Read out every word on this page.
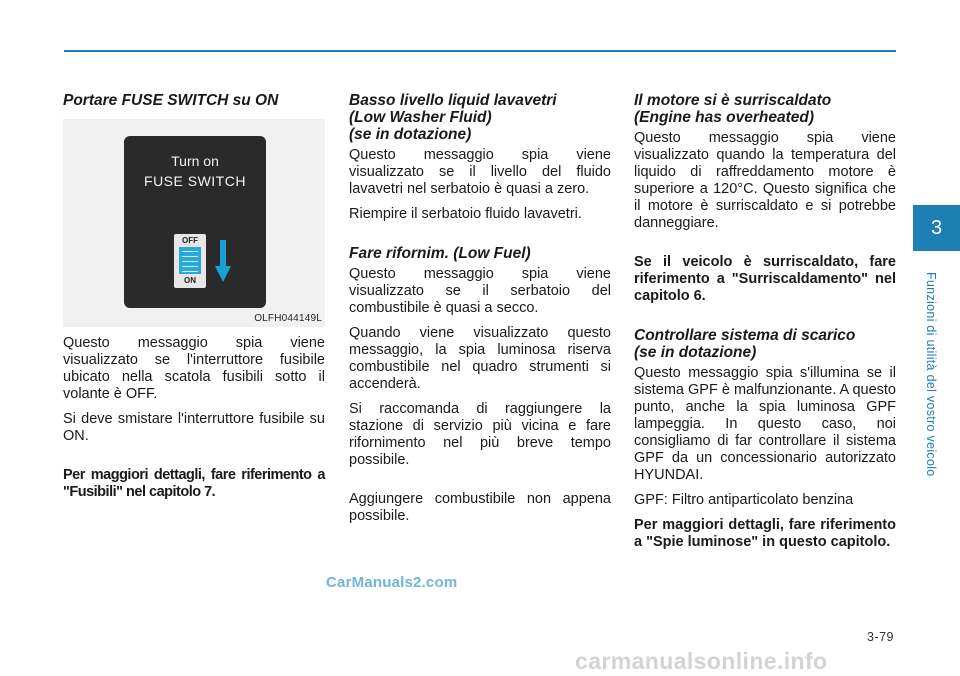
Portare FUSE SWITCH su ON
Turn on
FUSE SWITCH
OFF
ON
OLFH044149L

Questo messaggio spia viene visualizzato se l'interruttore fusibile ubicato nella scatola fusibili sotto il volante è OFF.

Si deve smistare l'interruttore fusibile su ON.

Per maggiori dettagli, fare riferimento a "Fusibili" nel capitolo 7.

Basso livello liquid lavavetri
(Low Washer Fluid)
(se in dotazione)

Questo messaggio spia viene visualizzato se il livello del fluido lavavetri nel serbatoio è quasi a zero.

Riempire il serbatoio fluido lavavetri.

Fare rifornim. (Low Fuel)

Questo messaggio spia viene visualizzato se il serbatoio del combustibile è quasi a secco.

Quando viene visualizzato questo messaggio, la spia luminosa riserva combustibile nel quadro strumenti si accenderà.

Si raccomanda di raggiungere la stazione di servizio più vicina e fare rifornimento nel più breve tempo possibile.

Aggiungere combustibile non appena possibile.

Il motore si è surriscaldato
(Engine has overheated)

Questo messaggio spia viene visualizzato quando la temperatura del liquido di raffreddamento motore è superiore a 120°C. Questo significa che il motore è surriscaldato e si potrebbe danneggiare.

Se il veicolo è surriscaldato, fare riferimento a "Surriscaldamento" nel capitolo 6.

Controllare sistema di scarico
(se in dotazione)

Questo messaggio spia s'illumina se il sistema GPF è malfunzionante. A questo punto, anche la spia luminosa GPF lampeggia. In questo caso, noi consigliamo di far controllare il sistema GPF da un concessionario autorizzato HYUNDAI.

GPF: Filtro antiparticolato benzina

Per maggiori dettagli, fare riferimento a "Spie luminose" in questo capitolo.

3
Funzioni di utilità del vostro veicolo
3-79
CarManuals2.com
carmanualsonline.info
